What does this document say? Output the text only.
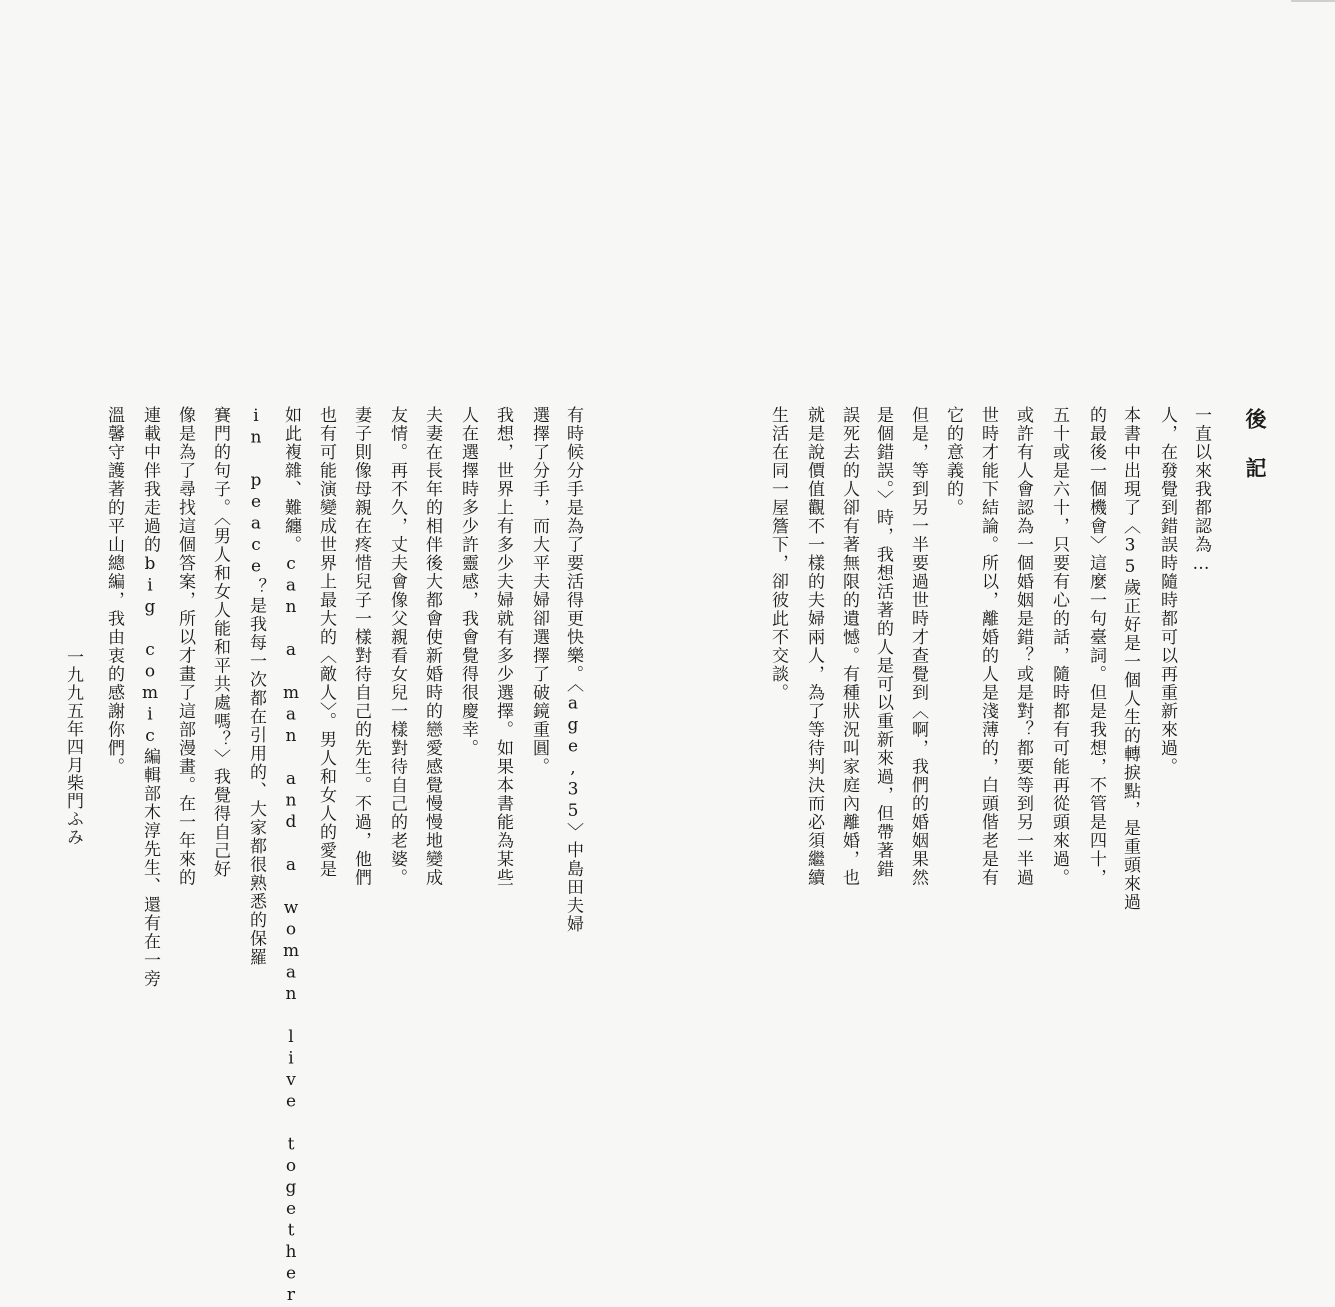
後記
一直以來我都認為…
人，在發覺到錯誤時隨時都可以再重新來過。
本書中出現了〈35歲正好是一個人生的轉捩點，是重頭來過
的最後一個機會〉這麼一句臺詞。但是我想，不管是四十，
五十或是六十，只要有心的話，隨時都有可能再從頭來過。
或許有人會認為一個婚姻是錯？或是對？都要等到另一半過
世時才能下結論。所以，離婚的人是淺薄的，白頭偕老是有
它的意義的。
但是，等到另一半要過世時才查覺到〈啊，我們的婚姻果然
是個錯誤。〉時，我想活著的人是可以重新來過，但帶著錯
誤死去的人卻有著無限的遺憾。有種狀況叫家庭內離婚，也
就是說價值觀不一樣的夫婦兩人，為了等待判決而必須繼續
生活在同一屋簷下，卻彼此不交談。
有時候分手是為了要活得更快樂。〈age,35〉中島田夫婦
選擇了分手，而大平夫婦卻選擇了破鏡重圓。
我想，世界上有多少夫婦就有多少選擇。如果本書能為某些
人在選擇時多少許靈感，我會覺得很慶幸。
夫妻在長年的相伴後大都會使新婚時的戀愛感覺慢慢地變成
友情。再不久，丈夫會像父親看女兒一樣對待自己的老婆。
妻子則像母親在疼惜兒子一樣對待自己的先生。不過，他們
也有可能演變成世界上最大的〈敵人〉。男人和女人的愛是
如此複雜、難纏。can a man and a woman live together
in peace？是我每一次都在引用的、大家都很熟悉的保羅
賽門的句子。〈男人和女人能和平共處嗎？〉我覺得自己好
像是為了尋找這個答案，所以才畫了這部漫畫。在一年來的
連載中伴我走過的big comic編輯部木淳先生、還有在一旁
溫馨守護著的平山總編，我由衷的感謝你們。
一九九五年四月柴門ふみ
